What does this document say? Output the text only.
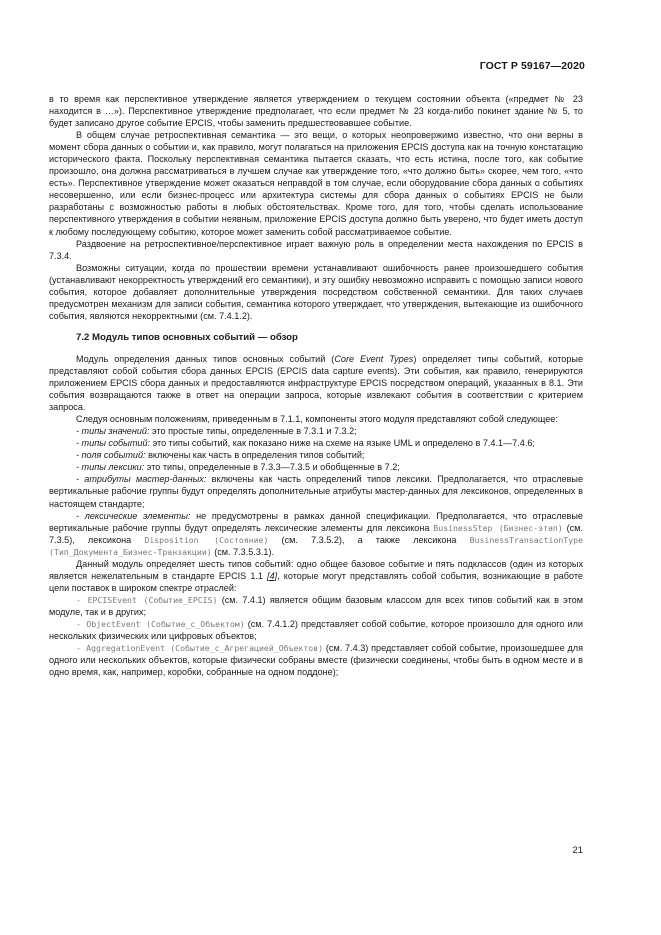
ГОСТ Р 59167—2020

в то время как перспективное утверждение является утверждением о текущем состоянии объекта («предмет № 23 находится в …»). Перспективное утверждение предполагает, что если предмет № 23 когда-либо покинет здание № 5, то будет записано другое событие EPCIS, чтобы заменить предшествовавшее событие.

В общем случае ретроспективная семантика — это вещи, о которых неопровержимо известно, что они верны в момент сбора данных о событии и, как правило, могут полагаться на приложения EPCIS доступа как на точную констатацию исторического факта. Поскольку перспективная семантика пытается сказать, что есть истина, после того, как событие произошло, она должна рассматриваться в лучшем случае как утверждение того, «что должно быть» скорее, чем того, «что есть». Перспективное утверждение может оказаться неправдой в том случае, если оборудование сбора данных о событиях несовершенно, или если бизнес-процесс или архитектура системы для сбора данных о событиях EPCIS не были разработаны с возможностью работы в любых обстоятельствах. Кроме того, для того, чтобы сделать использование перспективного утверждения в событии неявным, приложение EPCIS доступа должно быть уверено, что будет иметь доступ к любому последующему событию, которое может заменить собой рассматриваемое событие.

Раздвоение на ретроспективное/перспективное играет важную роль в определении места нахождения по EPCIS в 7.3.4.

Возможны ситуации, когда по прошествии времени устанавливают ошибочность ранее произошедшего события (устанавливают некорректность утверждений его семантики), и эту ошибку невозможно исправить с помощью записи нового события, которое добавляет дополнительные утверждения посредством собственной семантики. Для таких случаев предусмотрен механизм для записи события, семантика которого утверждает, что утверждения, вытекающие из ошибочного события, являются некорректными (см. 7.4.1.2).

7.2 Модуль типов основных событий — обзор

Модуль определения данных типов основных событий (Core Event Types) определяет типы событий, которые представляют собой события сбора данных EPCIS (EPCIS data capture events). Эти события, как правило, генерируются приложением EPCIS сбора данных и предоставляются инфраструктуре EPCIS посредством операций, указанных в 8.1. Эти события возвращаются также в ответ на операции запроса, которые извлекают события в соответствии с критерием запроса.

Следуя основным положениям, приведенным в 7.1.1, компоненты этого модуля представляют собой следующее:

- типы значений: это простые типы, определенные в 7.3.1 и 7.3.2;

- типы событий: это типы событий, как показано ниже на схеме на языке UML и определено в 7.4.1—7.4.6;

- поля событий: включены как часть в определения типов событий;

- типы лексики: это типы, определенные в 7.3.3—7.3.5 и обобщенные в 7.2;

- атрибуты мастер-данных: включены как часть определений типов лексики. Предполагается, что отраслевые вертикальные рабочие группы будут определять дополнительные атрибуты мастер-данных для лексиконов, определенных в настоящем стандарте;

- лексические элементы: не предусмотрены в рамках данной спецификации. Предполагается, что отраслевые вертикальные рабочие группы будут определять лексические элементы для лексикона BusinessStep (Бизнес-этап) (см. 7.3.5), лексикона Disposition (Состояние) (см. 7.3.5.2), а также лексикона BusinessTransactionType (Тип_Документа_Бизнес-Транзакции) (см. 7.3.5.3.1).

Данный модуль определяет шесть типов событий: одно общее базовое событие и пять подклассов (один из которых является нежелательным в стандарте EPCIS 1.1 [4], которые могут представлять собой события, возникающие в работе цепи поставок в широком спектре отраслей:

- EPCISEvent (Событие_EPCIS) (см. 7.4.1) является общим базовым классом для всех типов событий как в этом модуле, так и в других;

- ObjectEvent (Событие_с_Объектом) (см. 7.4.1.2) представляет собой событие, которое произошло для одного или нескольких физических или цифровых объектов;

- AggregationEvent (Событие_с_Агрегацией_Объектов) (см. 7.4.3) представляет собой событие, произошедшее для одного или нескольких объектов, которые физически собраны вместе (физически соединены, чтобы быть в одном месте и в одно время, как, например, коробки, собранные на одном поддоне);

21
